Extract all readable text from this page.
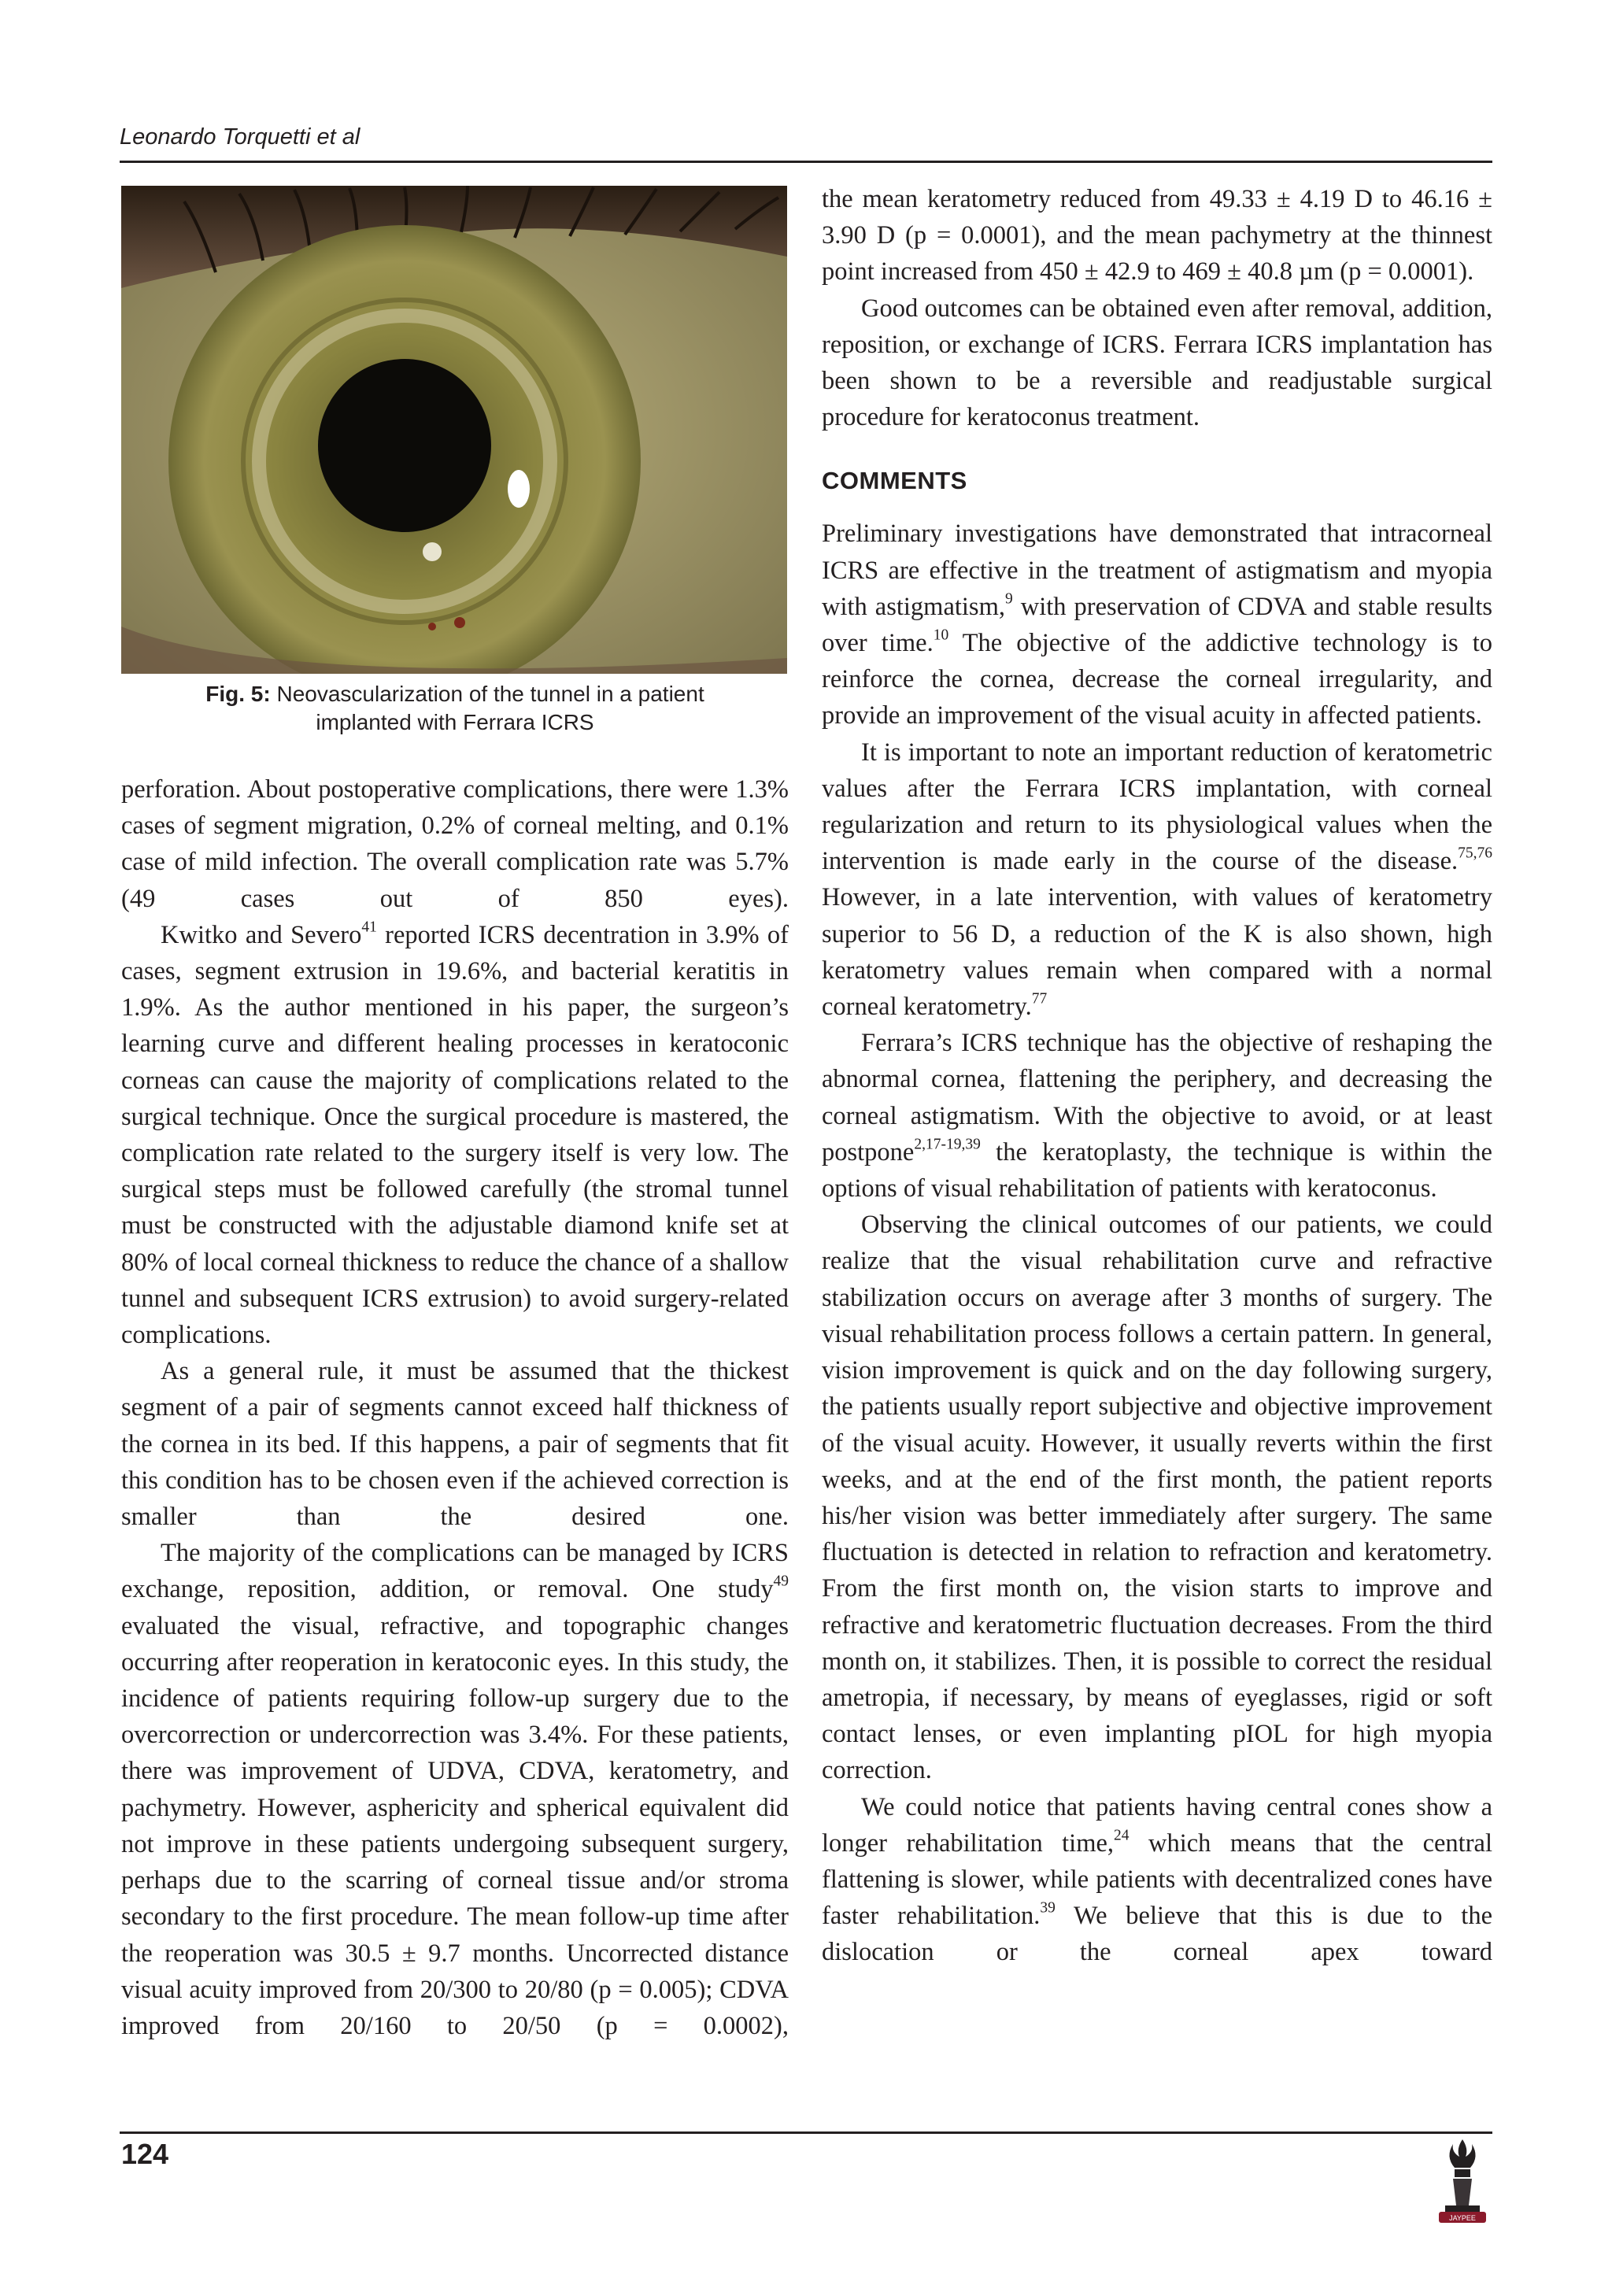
Leonardo Torquetti et al
Fig. 5: Neovascularization of the tunnel in a patient implanted with Ferrara ICRS

perforation. About postoperative complications, there were 1.3% cases of segment migration, 0.2% of corneal melting, and 0.1% case of mild infection. The overall complication rate was 5.7% (49 cases out of 850 eyes).

Kwitko and Severo$^{41}$ reported ICRS decentration in 3.9% of cases, segment extrusion in 19.6%, and bacterial keratitis in 1.9%. As the author mentioned in his paper, the surgeon’s learning curve and different healing processes in keratoconic corneas can cause the majority of complications related to the surgical technique. Once the surgical procedure is mastered, the complication rate related to the surgery itself is very low. The surgical steps must be followed carefully (the stromal tunnel must be constructed with the adjustable diamond knife set at 80% of local corneal thickness to reduce the chance of a shallow tunnel and subsequent ICRS extrusion) to avoid surgery-related complications.

As a general rule, it must be assumed that the thickest segment of a pair of segments cannot exceed half thickness of the cornea in its bed. If this happens, a pair of segments that fit this condition has to be chosen even if the achieved correction is smaller than the desired one.

The majority of the complications can be managed by ICRS exchange, reposition, addition, or removal. One study$^{49}$ evaluated the visual, refractive, and topographic changes occurring after reoperation in keratoconic eyes. In this study, the incidence of patients requiring follow-up surgery due to the overcorrection or undercorrection was 3.4%. For these patients, there was improvement of UDVA, CDVA, keratometry, and pachymetry. However, asphericity and spherical equivalent did not improve in these patients undergoing subsequent surgery, perhaps due to the scarring of corneal tissue and/or stroma secondary to the first procedure. The mean follow-up time after the reoperation was 30.5 ± 9.7 months. Uncorrected distance visual acuity improved from 20/300 to 20/80 (p = 0.005); CDVA improved from 20/160 to 20/50 (p = 0.0002),

the mean keratometry reduced from 49.33 ± 4.19 D to 46.16 ± 3.90 D (p = 0.0001), and the mean pachymetry at the thinnest point increased from 450 ± 42.9 to 469 ± 40.8 µm (p = 0.0001).

Good outcomes can be obtained even after removal, addition, reposition, or exchange of ICRS. Ferrara ICRS implantation has been shown to be a reversible and readjustable surgical procedure for keratoconus treatment.

COMMENTS

Preliminary investigations have demonstrated that intracorneal ICRS are effective in the treatment of astigmatism and myopia with astigmatism,$^9$ with preservation of CDVA and stable results over time.$^{10}$ The objective of the addictive technology is to reinforce the cornea, decrease the corneal irregularity, and provide an improvement of the visual acuity in affected patients.

It is important to note an important reduction of keratometric values after the Ferrara ICRS implantation, with corneal regularization and return to its physiological values when the intervention is made early in the course of the disease.$^{75,76}$ However, in a late intervention, with values of keratometry superior to 56 D, a reduction of the K is also shown, high keratometry values remain when compared with a normal corneal keratometry.$^{77}$

Ferrara’s ICRS technique has the objective of reshaping the abnormal cornea, flattening the periphery, and decreasing the corneal astigmatism. With the objective to avoid, or at least postpone$^{2,17-19,39}$ the keratoplasty, the technique is within the options of visual rehabilitation of patients with keratoconus.

Observing the clinical outcomes of our patients, we could realize that the visual rehabilitation curve and refractive stabilization occurs on average after 3 months of surgery. The visual rehabilitation process follows a certain pattern. In general, vision improvement is quick and on the day following surgery, the patients usually report subjective and objective improvement of the visual acuity. However, it usually reverts within the first weeks, and at the end of the first month, the patient reports his/her vision was better immediately after surgery. The same fluctuation is detected in relation to refraction and keratometry. From the first month on, the vision starts to improve and refractive and keratometric fluctuation decreases. From the third month on, it stabilizes. Then, it is possible to correct the residual ametropia, if necessary, by means of eyeglasses, rigid or soft contact lenses, or even implanting pIOL for high myopia correction.

We could notice that patients having central cones show a longer rehabilitation time,$^{24}$ which means that the central flattening is slower, while patients with decentralized cones have faster rehabilitation.$^{39}$ We believe that this is due to the dislocation or the corneal apex toward

124
JAYPEE
